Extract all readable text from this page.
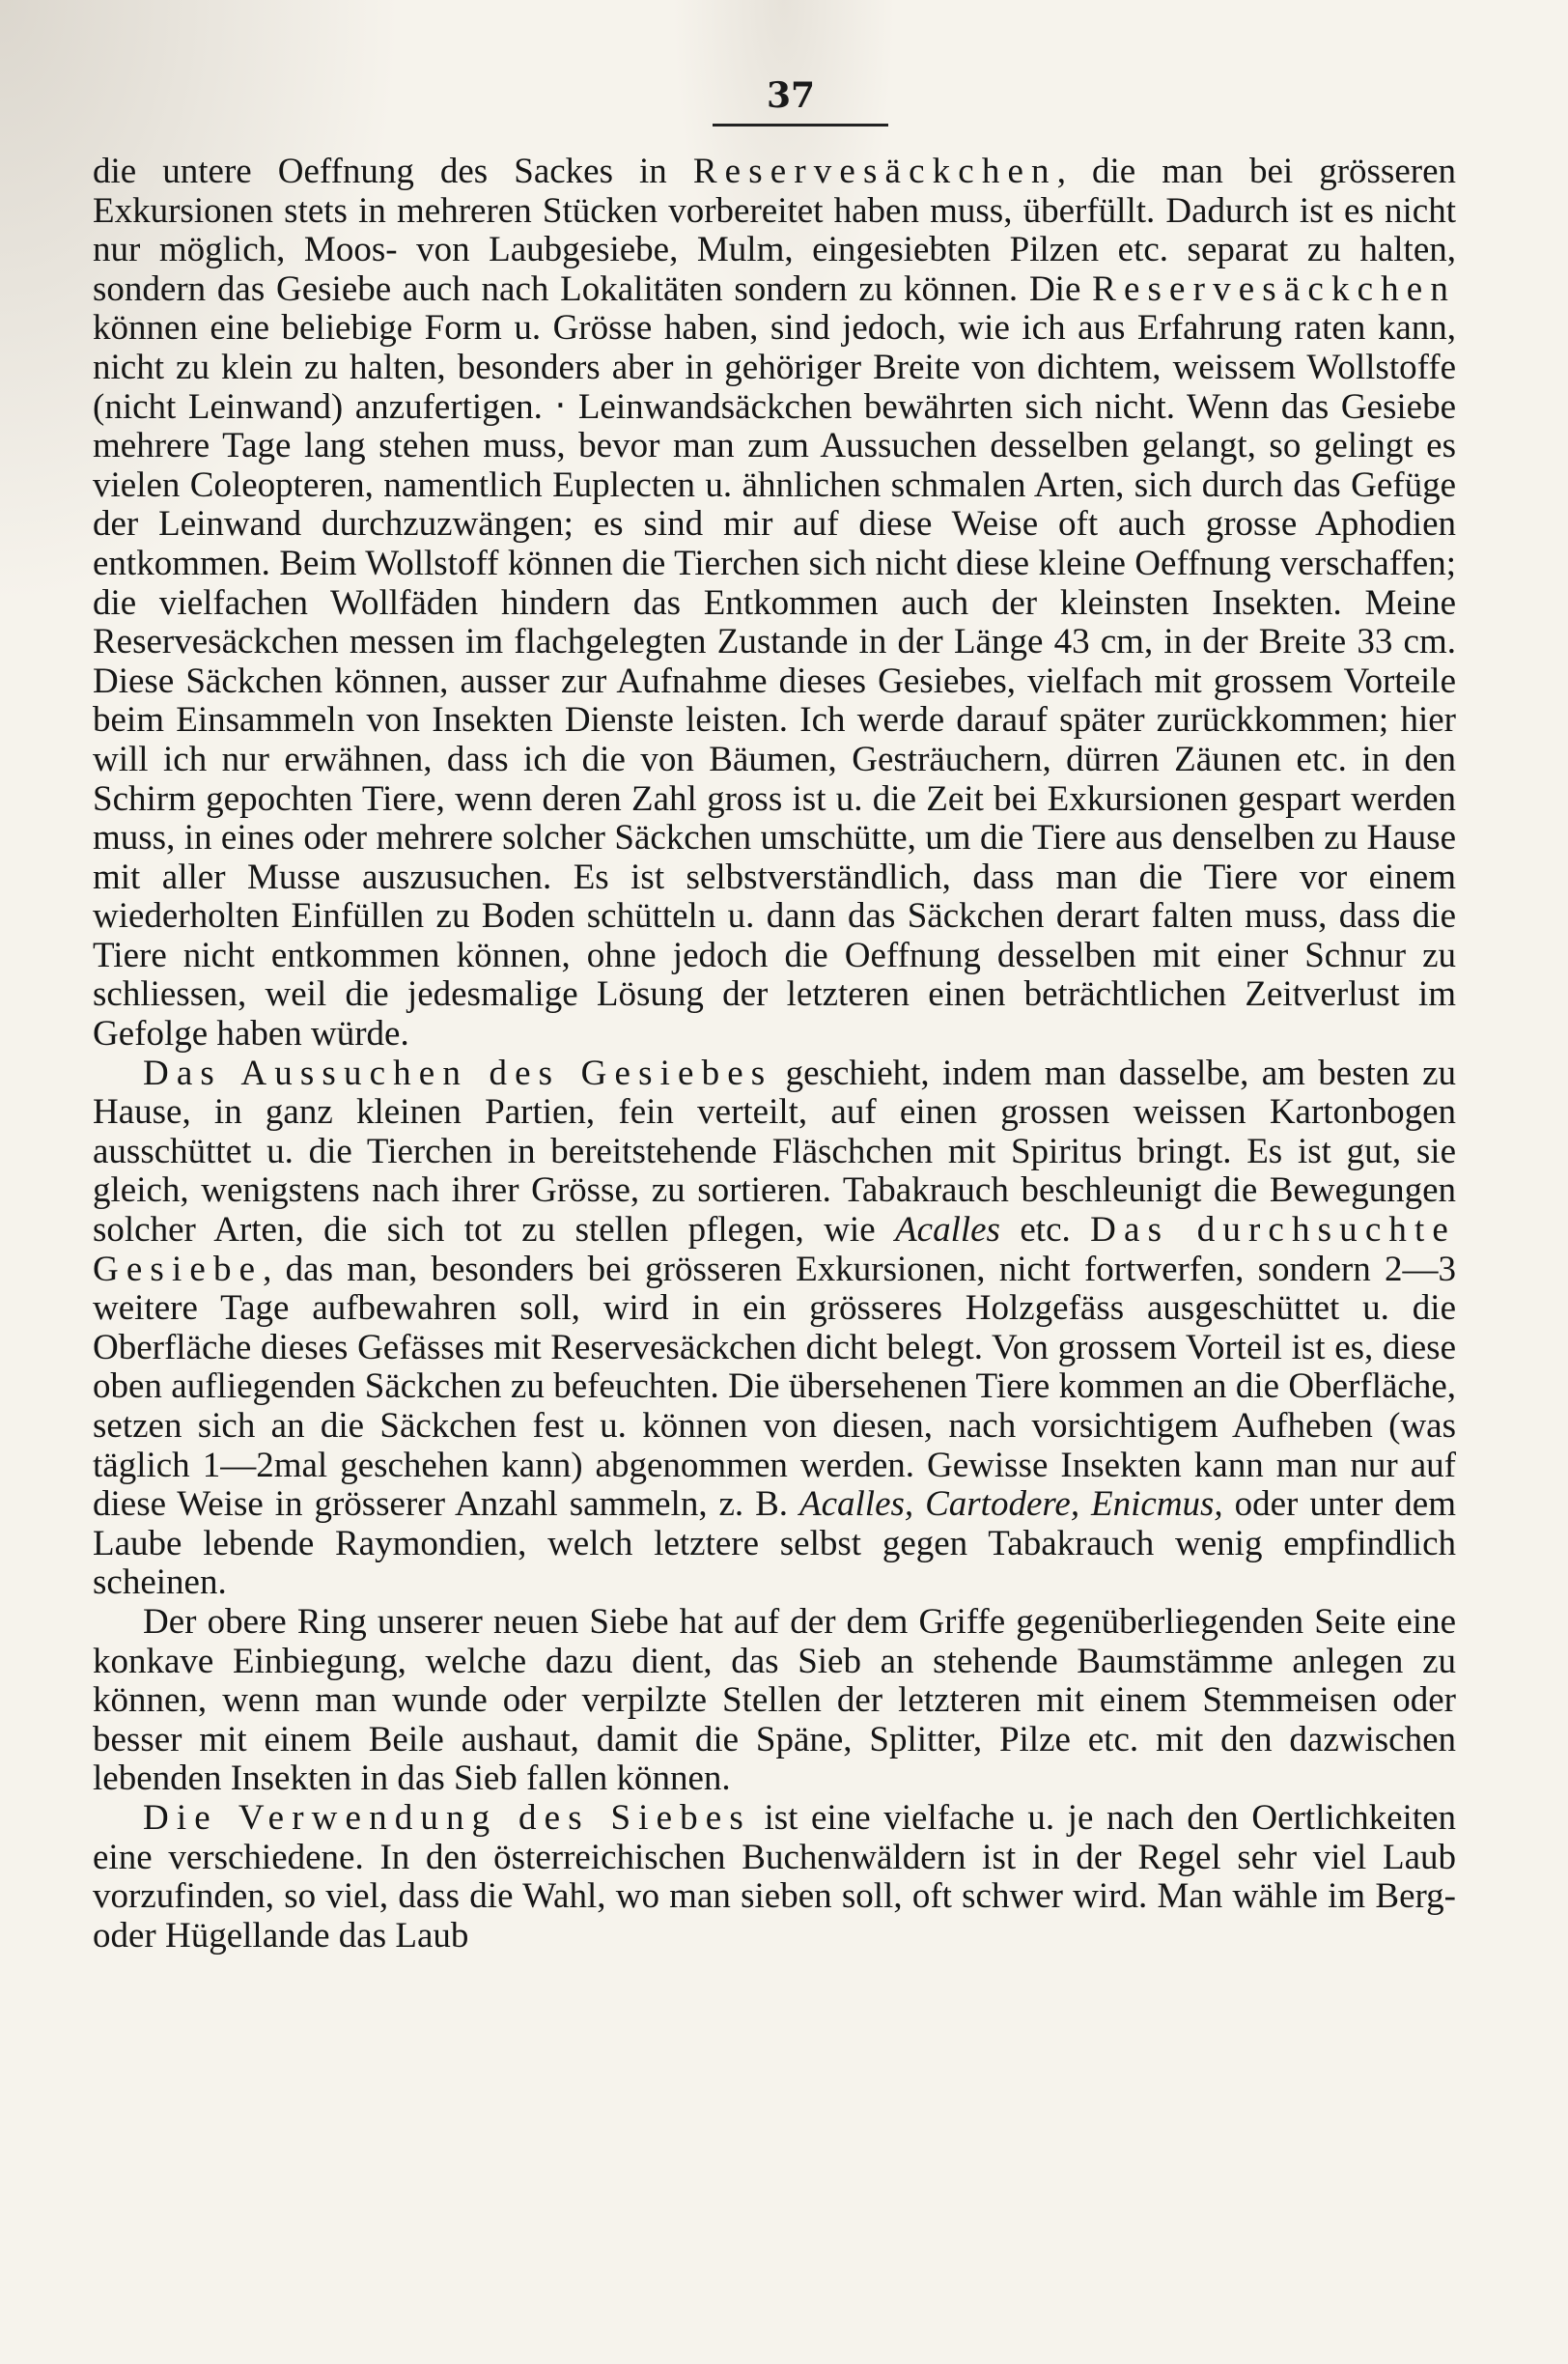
37

die untere Oeffnung des Sackes in Reservesäckchen, die man bei grösseren Exkursionen stets in mehreren Stücken vorbereitet haben muss, überfüllt. Dadurch ist es nicht nur möglich, Moos- von Laubgesiebe, Mulm, eingesiebten Pilzen etc. separat zu halten, sondern das Gesiebe auch nach Lokalitäten sondern zu können. Die Reservesäckchen können eine beliebige Form u. Grösse haben, sind jedoch, wie ich aus Erfahrung raten kann, nicht zu klein zu halten, besonders aber in gehöriger Breite von dichtem, weissem Wollstoffe (nicht Leinwand) anzufertigen. ‧ Leinwandsäckchen bewährten sich nicht. Wenn das Gesiebe mehrere Tage lang stehen muss, bevor man zum Aussuchen desselben gelangt, so gelingt es vielen Coleopteren, namentlich Euplecten u. ähnlichen schmalen Arten, sich durch das Gefüge der Leinwand durchzuzwängen; es sind mir auf diese Weise oft auch grosse Aphodien entkommen. Beim Wollstoff können die Tierchen sich nicht diese kleine Oeffnung verschaffen; die vielfachen Wollfäden hindern das Entkommen auch der kleinsten Insekten. Meine Reservesäckchen messen im flachgelegten Zustande in der Länge 43 cm, in der Breite 33 cm. Diese Säckchen können, ausser zur Aufnahme dieses Gesiebes, vielfach mit grossem Vorteile beim Einsammeln von Insekten Dienste leisten. Ich werde darauf später zurückkommen; hier will ich nur erwähnen, dass ich die von Bäumen, Gesträuchern, dürren Zäunen etc. in den Schirm gepochten Tiere, wenn deren Zahl gross ist u. die Zeit bei Exkursionen gespart werden muss, in eines oder mehrere solcher Säckchen umschütte, um die Tiere aus denselben zu Hause mit aller Musse auszusuchen. Es ist selbstverständlich, dass man die Tiere vor einem wiederholten Einfüllen zu Boden schütteln u. dann das Säckchen derart falten muss, dass die Tiere nicht entkommen können, ohne jedoch die Oeffnung desselben mit einer Schnur zu schliessen, weil die jedesmalige Lösung der letzteren einen beträchtlichen Zeitverlust im Gefolge haben würde.

Das Aussuchen des Gesiebes geschieht, indem man dasselbe, am besten zu Hause, in ganz kleinen Partien, fein verteilt, auf einen grossen weissen Kartonbogen ausschüttet u. die Tierchen in bereitstehende Fläschchen mit Spiritus bringt. Es ist gut, sie gleich, wenigstens nach ihrer Grösse, zu sortieren. Tabakrauch beschleunigt die Bewegungen solcher Arten, die sich tot zu stellen pflegen, wie Acalles etc. Das durchsuchte Gesiebe, das man, besonders bei grösseren Exkursionen, nicht fortwerfen, sondern 2—3 weitere Tage aufbewahren soll, wird in ein grösseres Holzgefäss ausgeschüttet u. die Oberfläche dieses Gefässes mit Reservesäckchen dicht belegt. Von grossem Vorteil ist es, diese oben aufliegenden Säckchen zu befeuchten. Die übersehenen Tiere kommen an die Oberfläche, setzen sich an die Säckchen fest u. können von diesen, nach vorsichtigem Aufheben (was täglich 1—2mal geschehen kann) abgenommen werden. Gewisse Insekten kann man nur auf diese Weise in grösserer Anzahl sammeln, z. B. Acalles, Cartodere, Enicmus, oder unter dem Laube lebende Raymondien, welch letztere selbst gegen Tabakrauch wenig empfindlich scheinen.

Der obere Ring unserer neuen Siebe hat auf der dem Griffe gegenüberliegenden Seite eine konkave Einbiegung, welche dazu dient, das Sieb an stehende Baumstämme anlegen zu können, wenn man wunde oder verpilzte Stellen der letzteren mit einem Stemmeisen oder besser mit einem Beile aushaut, damit die Späne, Splitter, Pilze etc. mit den dazwischen lebenden Insekten in das Sieb fallen können.

Die Verwendung des Siebes ist eine vielfache u. je nach den Oertlichkeiten eine verschiedene. In den österreichischen Buchenwäldern ist in der Regel sehr viel Laub vorzufinden, so viel, dass die Wahl, wo man sieben soll, oft schwer wird. Man wähle im Berg- oder Hügellande das Laub
